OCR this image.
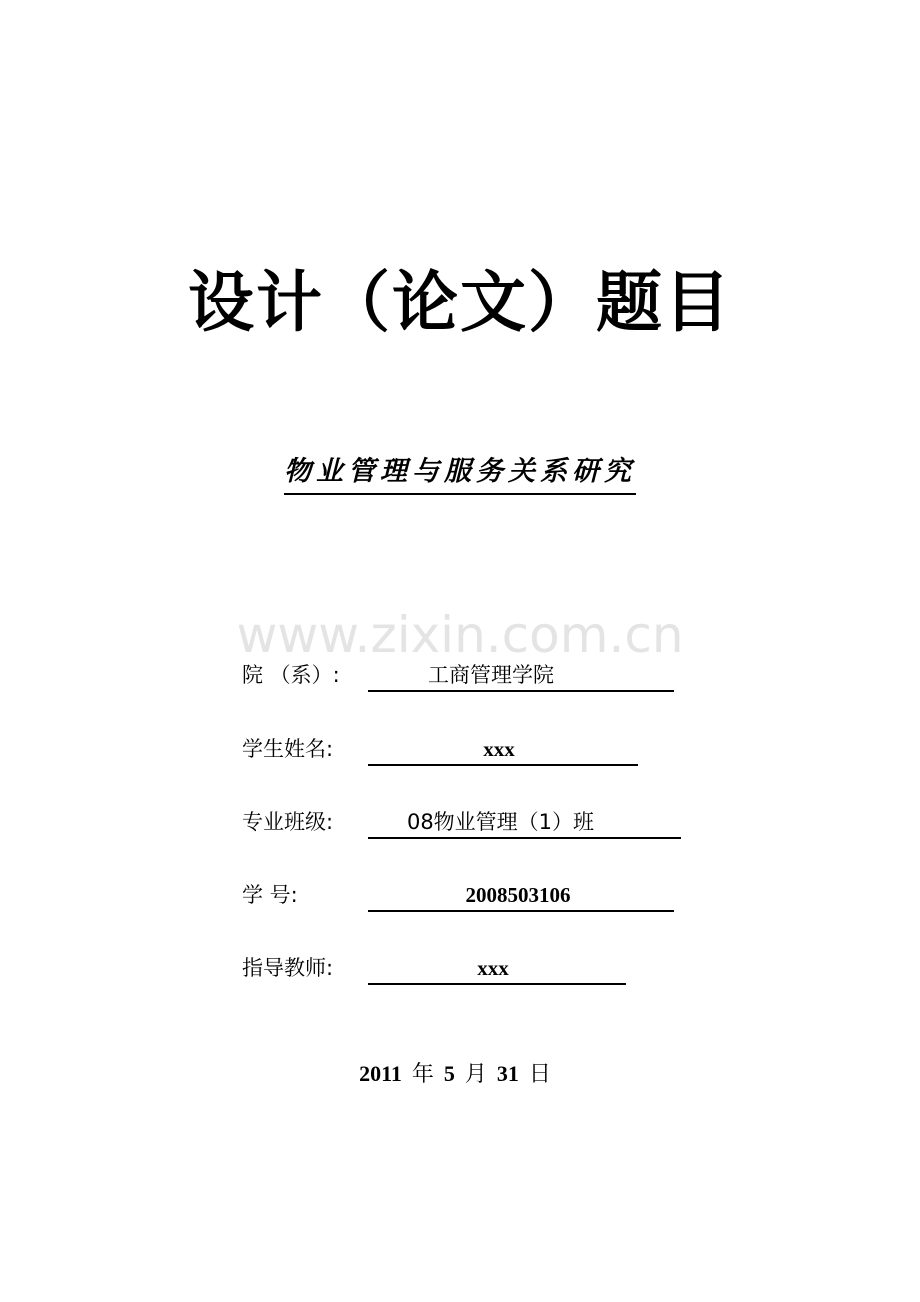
设计（论文）题目
物业管理与服务关系研究
www.zixin.com.cn
院 （系）:	工商管理学院
学生姓名:	xxx
专业班级:	08物业管理（1）班
学 号:	2008503106
指导教师:	xxx
2011 年 5 月 31 日
